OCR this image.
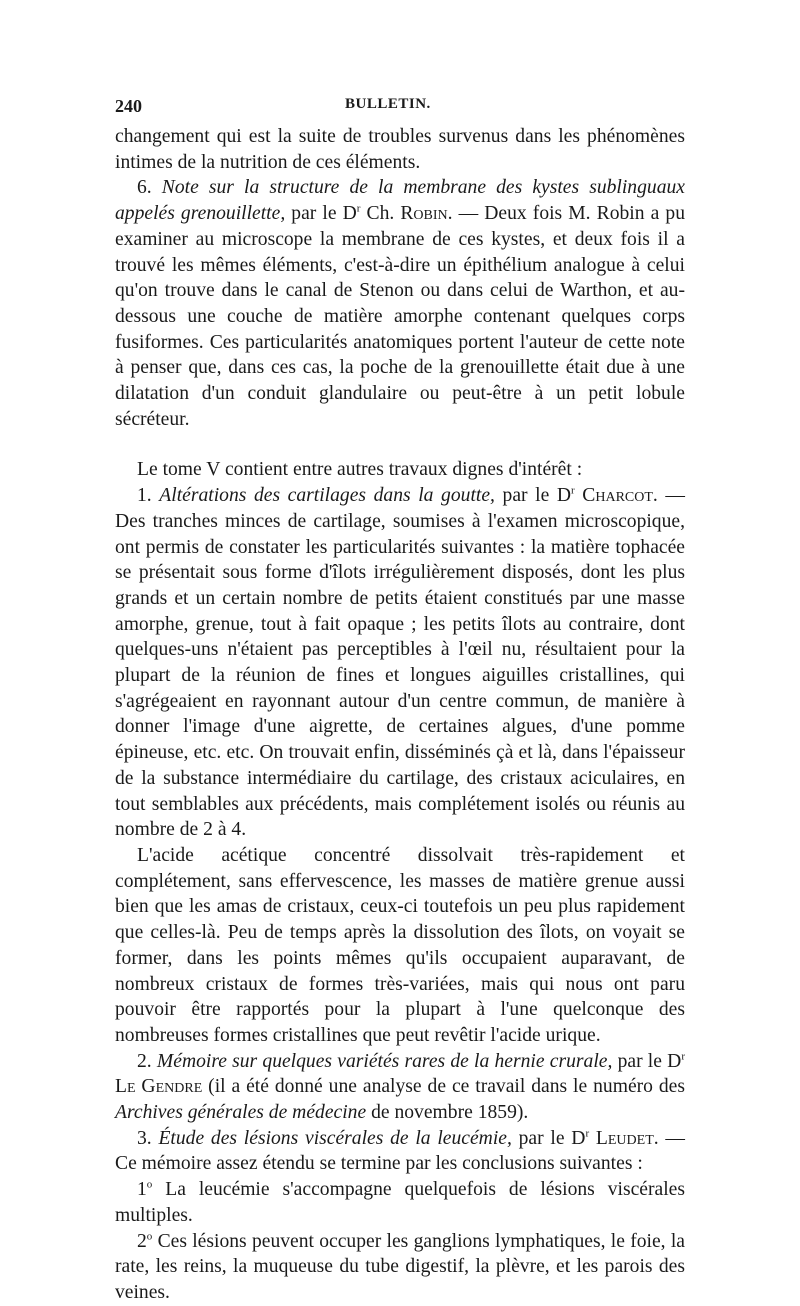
240	BULLETIN.

changement qui est la suite de troubles survenus dans les phénomènes intimes de la nutrition de ces éléments.

6. Note sur la structure de la membrane des kystes sublinguaux appelés grenouillette, par le $D^r$ Ch. Robin. — Deux fois M. Robin a pu examiner au microscope la membrane de ces kystes, et deux fois il a trouvé les mêmes éléments, c'est-à-dire un épithélium analogue à celui qu'on trouve dans le canal de Stenon ou dans celui de Warthon, et au-dessous une couche de matière amorphe contenant quelques corps fusiformes. Ces particularités anatomiques portent l'auteur de cette note à penser que, dans ces cas, la poche de la grenouillette était due à une dilatation d'un conduit glandulaire ou peut-être à un petit lobule sécréteur.

Le tome V contient entre autres travaux dignes d'intérêt :

1. Altérations des cartilages dans la goutte, par le $D^r$ Charcot. — Des tranches minces de cartilage, soumises à l'examen microscopique, ont permis de constater les particularités suivantes : la matière tophacée se présentait sous forme d'îlots irrégulièrement disposés, dont les plus grands et un certain nombre de petits étaient constitués par une masse amorphe, grenue, tout à fait opaque ; les petits îlots au contraire, dont quelques-uns n'étaient pas perceptibles à l'œil nu, résultaient pour la plupart de la réunion de fines et longues aiguilles cristallines, qui s'agrégeaient en rayonnant autour d'un centre commun, de manière à donner l'image d'une aigrette, de certaines algues, d'une pomme épineuse, etc. etc. On trouvait enfin, disséminés çà et là, dans l'épaisseur de la substance intermédiaire du cartilage, des cristaux aciculaires, en tout semblables aux précédents, mais complétement isolés ou réunis au nombre de 2 à 4.

L'acide acétique concentré dissolvait très-rapidement et complétement, sans effervescence, les masses de matière grenue aussi bien que les amas de cristaux, ceux-ci toutefois un peu plus rapidement que celles-là. Peu de temps après la dissolution des îlots, on voyait se former, dans les points mêmes qu'ils occupaient auparavant, de nombreux cristaux de formes très-variées, mais qui nous ont paru pouvoir être rapportés pour la plupart à l'une quelconque des nombreuses formes cristallines que peut revêtir l'acide urique.

2. Mémoire sur quelques variétés rares de la hernie crurale, par le $D^r$ Le Gendre (il a été donné une analyse de ce travail dans le numéro des Archives générales de médecine de novembre 1859).

3. Étude des lésions viscérales de la leucémie, par le $D^r$ Leudet. — Ce mémoire assez étendu se termine par les conclusions suivantes :

1$^o$ La leucémie s'accompagne quelquefois de lésions viscérales multiples.

2$^o$ Ces lésions peuvent occuper les ganglions lymphatiques, le foie, la rate, les reins, la muqueuse du tube digestif, la plèvre, et les parois des veines.
